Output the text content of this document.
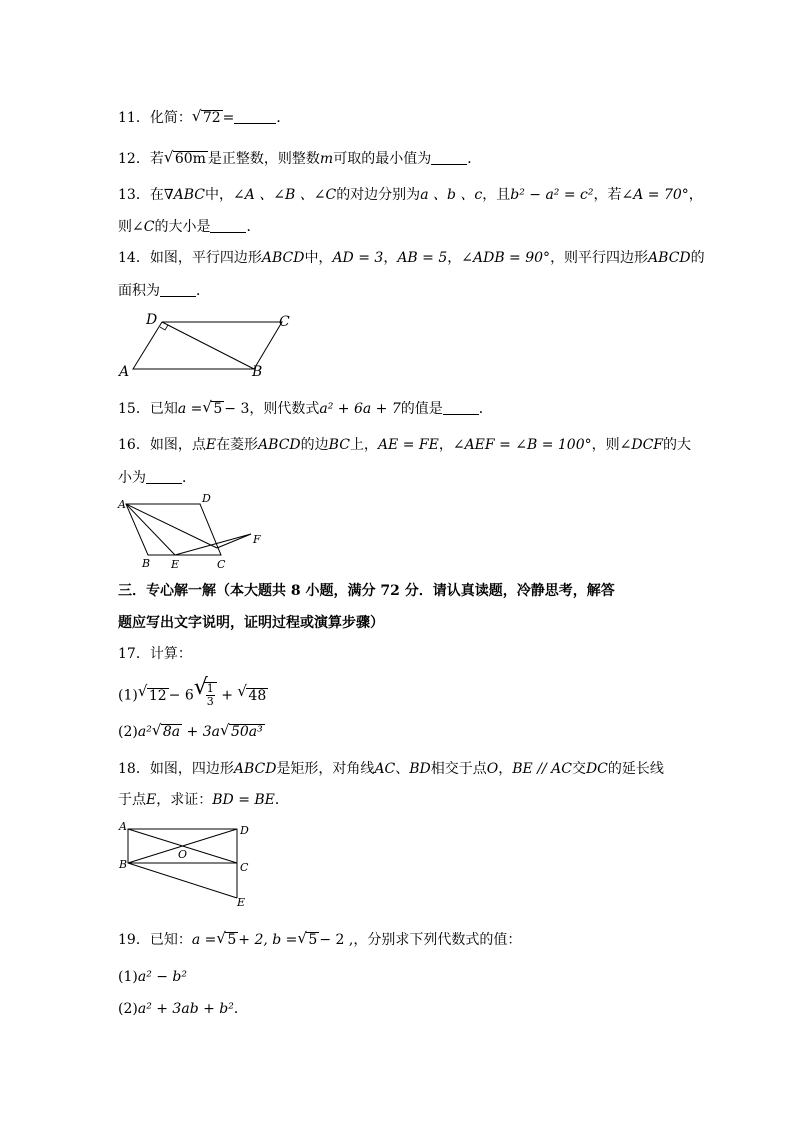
11．化简： √ 72 =	．
12．若 √ 60m 是正整数，则整数m可取的最小值为	．
13．在∇ABC中，∠A 、∠B 、∠C的对边分别为a 、b 、c，且b² − a² = c²，若∠A = 70°，
则∠C的大小是	．
14．如图，平行四边形ABCD中，AD = 3，AB = 5，∠ADB = 90°，则平行四边形ABCD的
面积为	．
D	C
A	B
15．已知a = √ 5 − 3，则代数式a² + 6a + 7的值是	．
16．如图，点E在菱形ABCD的边BC上，AE = FE，∠AEF = ∠B = 100°，则∠DCF的大
小为	．
A	D
F
B E	C
三．专心解一解（本大题共 8 小题，满分 72 分．请认真读题，冷静思考，解答
题应写出文字说明，证明过程或演算步骤）
17．计算：
(1) √ 12 − 6 √
$\frac{1}{3}$ + √ 48
(2)a² √ 8a + 3a √ 50a³
18．如图，四边形ABCD是矩形，对角线AC、BD相交于点O，BE // AC交DC的延长线
于点E，求证：BD = BE．
A	D
O
B	C
E
19．已知：a = √ 5 + 2, b = √ 5 − 2 ,，分别求下列代数式的值：
(1)a² − b²
(2)a² + 3ab + b²．
